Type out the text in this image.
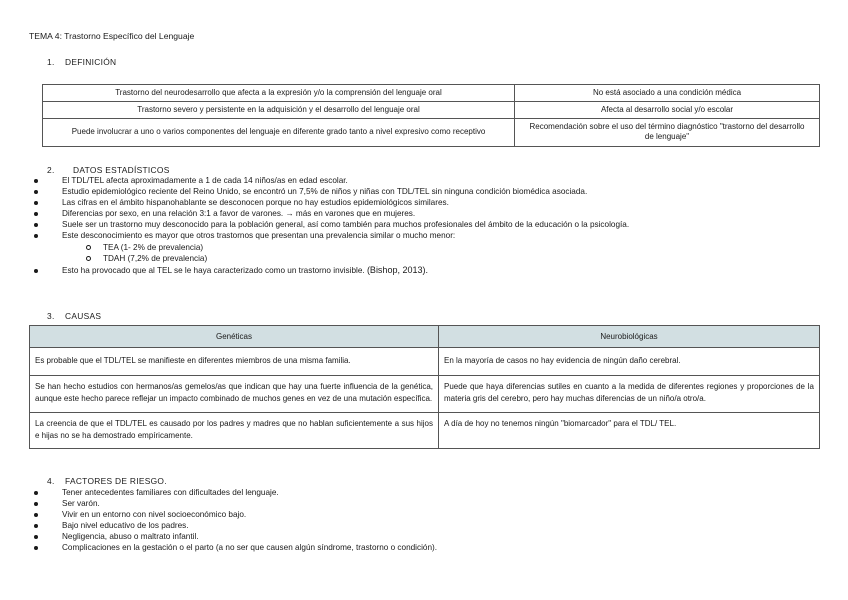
TEMA 4: Trastorno Específico del Lenguaje
1. DEFINICIÓN
Trastorno del neurodesarrollo que afecta a la expresión y/o la comprensión del lenguaje oral	No está asociado a una condición médica
Trastorno severo y persistente en la adquisición y el desarrollo del lenguaje oral	Afecta al desarrollo social y/o escolar
Puede involucrar a uno o varios componentes del lenguaje en diferente grado tanto a nivel expresivo como receptivo	Recomendación sobre el uso del término diagnóstico "trastorno del desarrollo de lenguaje"
2. DATOS ESTADÍSTICOS
El TDL/TEL afecta aproximadamente a 1 de cada 14 niños/as en edad escolar.
Estudio epidemiológico reciente del Reino Unido, se encontró un 7,5% de niños y niñas con TDL/TEL sin ninguna condición biomédica asociada.
Las cifras en el ámbito hispanohablante se desconocen porque no hay estudios epidemiológicos similares.
Diferencias por sexo, en una relación 3:1 a favor de varones. → más en varones que en mujeres.
Suele ser un trastorno muy desconocido para la población general, así como también para muchos profesionales del ámbito de la educación o la psicología.
Este desconocimiento es mayor que otros trastornos que presentan una prevalencia similar o mucho menor:
TEA (1- 2% de prevalencia)
TDAH (7,2% de prevalencia)
Esto ha provocado que al TEL se le haya caracterizado como un trastorno invisible. (Bishop, 2013).
3. CAUSAS
Genéticas	Neurobiológicas
Es probable que el TDL/TEL se manifieste en diferentes miembros de una misma familia.	En la mayoría de casos no hay evidencia de ningún daño cerebral.
Se han hecho estudios con hermanos/as gemelos/as que indican que hay una fuerte influencia de la genética, aunque este hecho parece reflejar un impacto combinado de muchos genes en vez de una mutación específica.	Puede que haya diferencias sutiles en cuanto a la medida de diferentes regiones y proporciones de la materia gris del cerebro, pero hay muchas diferencias de un niño/a otro/a.
La creencia de que el TDL/TEL es causado por los padres y madres que no hablan suficientemente a sus hijos e hijas no se ha demostrado empíricamente.	A día de hoy no tenemos ningún "biomarcador" para el TDL/ TEL.
4. FACTORES DE RIESGO.
Tener antecedentes familiares con dificultades del lenguaje.
Ser varón.
Vivir en un entorno con nivel socioeconómico bajo.
Bajo nivel educativo de los padres.
Negligencia, abuso o maltrato infantil.
Complicaciones en la gestación o el parto (a no ser que causen algún síndrome, trastorno o condición).
